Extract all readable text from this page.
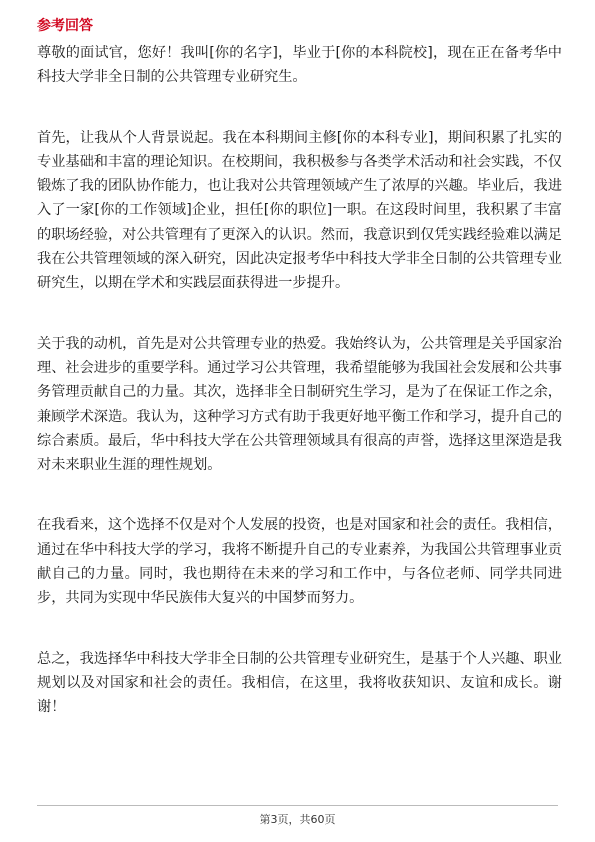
参考回答

尊敬的面试官，您好！我叫[你的名字]，毕业于[你的本科院校]，现在正在备考华中科技大学非全日制的公共管理专业研究生。

首先，让我从个人背景说起。我在本科期间主修[你的本科专业]，期间积累了扎实的专业基础和丰富的理论知识。在校期间，我积极参与各类学术活动和社会实践，不仅锻炼了我的团队协作能力，也让我对公共管理领域产生了浓厚的兴趣。毕业后，我进入了一家[你的工作领域]企业，担任[你的职位]一职。在这段时间里，我积累了丰富的职场经验，对公共管理有了更深入的认识。然而，我意识到仅凭实践经验难以满足我在公共管理领域的深入研究，因此决定报考华中科技大学非全日制的公共管理专业研究生，以期在学术和实践层面获得进一步提升。

关于我的动机，首先是对公共管理专业的热爱。我始终认为，公共管理是关乎国家治理、社会进步的重要学科。通过学习公共管理，我希望能够为我国社会发展和公共事务管理贡献自己的力量。其次，选择非全日制研究生学习，是为了在保证工作之余，兼顾学术深造。我认为，这种学习方式有助于我更好地平衡工作和学习，提升自己的综合素质。最后，华中科技大学在公共管理领域具有很高的声誉，选择这里深造是我对未来职业生涯的理性规划。

在我看来，这个选择不仅是对个人发展的投资，也是对国家和社会的责任。我相信，通过在华中科技大学的学习，我将不断提升自己的专业素养，为我国公共管理事业贡献自己的力量。同时，我也期待在未来的学习和工作中，与各位老师、同学共同进步，共同为实现中华民族伟大复兴的中国梦而努力。

总之，我选择华中科技大学非全日制的公共管理专业研究生，是基于个人兴趣、职业规划以及对国家和社会的责任。我相信，在这里，我将收获知识、友谊和成长。谢谢！

第3页，共60页
